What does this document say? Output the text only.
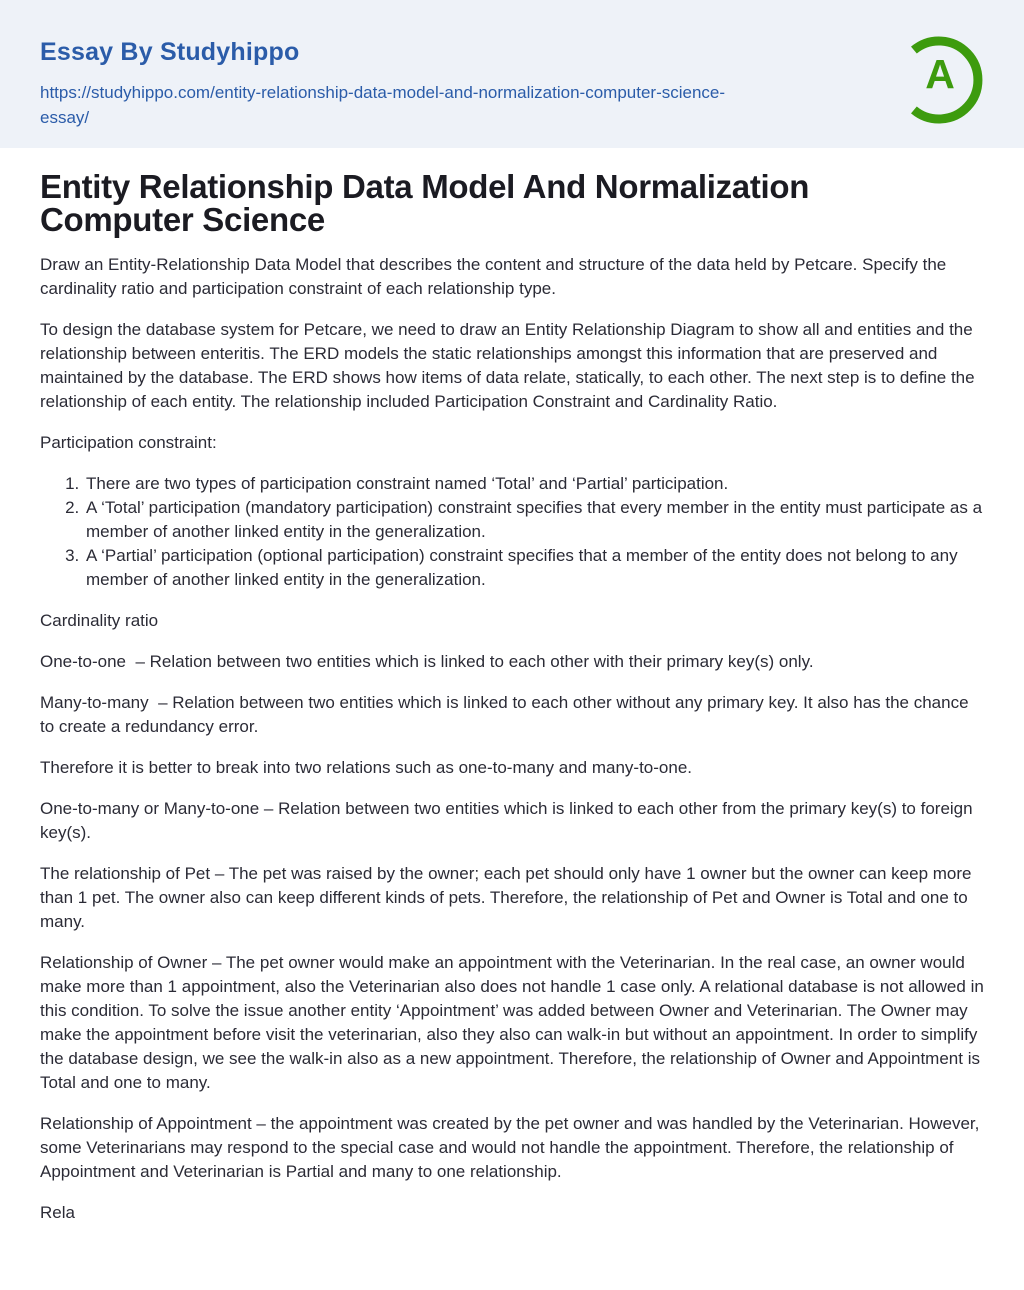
Essay By Studyhippo
https://studyhippo.com/entity-relationship-data-model-and-normalization-computer-science-
essay/
A
Entity Relationship Data Model And Normalization Computer Science

Draw an Entity-Relationship Data Model that describes the content and structure of the data held by Petcare. Specify the cardinality ratio and participation constraint of each relationship type.

To design the database system for Petcare, we need to draw an Entity Relationship Diagram to show all and entities and the relationship between enteritis. The ERD models the static relationships amongst this information that are preserved and maintained by the database. The ERD shows how items of data relate, statically, to each other. The next step is to define the relationship of each entity. The relationship included Participation Constraint and Cardinality Ratio.

Participation constraint:

1. There are two types of participation constraint named ‘Total’ and ‘Partial’ participation.
2. A ‘Total’ participation (mandatory participation) constraint specifies that every member in the entity must participate as a member of another linked entity in the generalization.
3. A ‘Partial’ participation (optional participation) constraint specifies that a member of the entity does not belong to any member of another linked entity in the generalization.

Cardinality ratio

One-to-one  – Relation between two entities which is linked to each other with their primary key(s) only.

Many-to-many  – Relation between two entities which is linked to each other without any primary key. It also has the chance to create a redundancy error.

Therefore it is better to break into two relations such as one-to-many and many-to-one.

One-to-many or Many-to-one – Relation between two entities which is linked to each other from the primary key(s) to foreign key(s).

The relationship of Pet – The pet was raised by the owner; each pet should only have 1 owner but the owner can keep more than 1 pet. The owner also can keep different kinds of pets. Therefore, the relationship of Pet and Owner is Total and one to many.

Relationship of Owner – The pet owner would make an appointment with the Veterinarian. In the real case, an owner would make more than 1 appointment, also the Veterinarian also does not handle 1 case only. A relational database is not allowed in this condition. To solve the issue another entity ‘Appointment’ was added between Owner and Veterinarian. The Owner may make the appointment before visit the veterinarian, also they also can walk-in but without an appointment. In order to simplify the database design, we see the walk-in also as a new appointment. Therefore, the relationship of Owner and Appointment is Total and one to many.

Relationship of Appointment – the appointment was created by the pet owner and was handled by the Veterinarian. However, some Veterinarians may respond to the special case and would not handle the appointment. Therefore, the relationship of Appointment and Veterinarian is Partial and many to one relationship.

Rela
